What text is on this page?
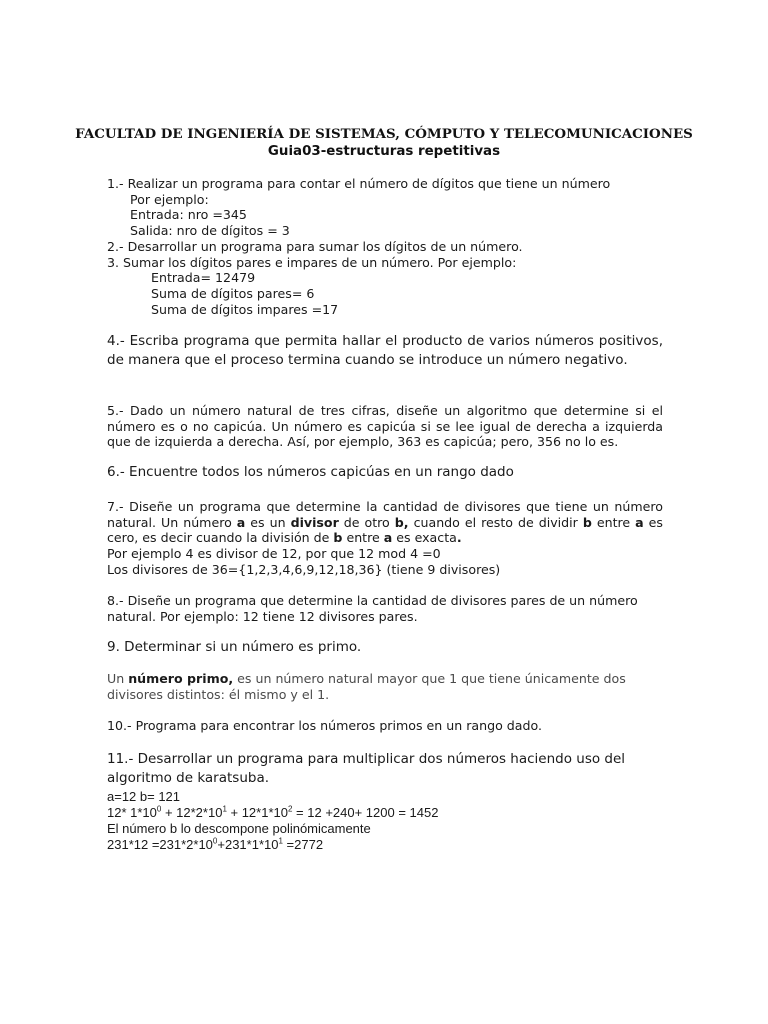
FACULTAD DE INGENIERÍA DE SISTEMAS, CÓMPUTO Y TELECOMUNICACIONES
Guia03-estructuras repetitivas

1.- Realizar un programa para contar el número de dígitos que tiene un número

Por ejemplo:

Entrada: nro =345

Salida: nro de dígitos = 3

2.- Desarrollar un programa para sumar los dígitos de un número.

3. Sumar los dígitos pares e impares de un número. Por ejemplo:

Entrada= 12479

Suma de dígitos pares= 6

Suma de dígitos impares =17

4.- Escriba programa que permita hallar el producto de varios números positivos, de manera que el proceso termina cuando se introduce un número negativo.

5.- Dado un número natural de tres cifras, diseñe un algoritmo que determine si el número es o no capicúa. Un número es capicúa si se lee igual de derecha a izquierda que de izquierda a derecha. Así, por ejemplo, 363 es capicúa; pero, 356 no lo es.

6.- Encuentre todos los números capicúas en un rango dado

7.- Diseñe un programa que determine la cantidad de divisores que tiene un número natural. Un número a es un divisor de otro b, cuando el resto de dividir b entre a es cero, es decir cuando la división de b entre a es exacta.

Por ejemplo 4 es divisor de 12, por que 12 mod 4 =0

Los divisores de 36={1,2,3,4,6,9,12,18,36} (tiene 9 divisores)

8.- Diseñe un programa que determine la cantidad de divisores pares de un número natural. Por ejemplo: 12 tiene 12 divisores pares.

9. Determinar si un número es primo.

Un número primo, es un número natural mayor que 1 que tiene únicamente dos divisores distintos: él mismo y el 1.

10.- Programa para encontrar los números primos en un rango dado.

11.- Desarrollar un programa para multiplicar dos números haciendo uso del algoritmo de karatsuba.

a=12 b= 121

12* $1*10^0 + 12*2*10^1 + 12*1*10^2 = 12 +240+ 1200 = 1452$

El número b lo descompone polinómicamente

$231*12 =231*2*10^0+231*1*10^1 =2772$
